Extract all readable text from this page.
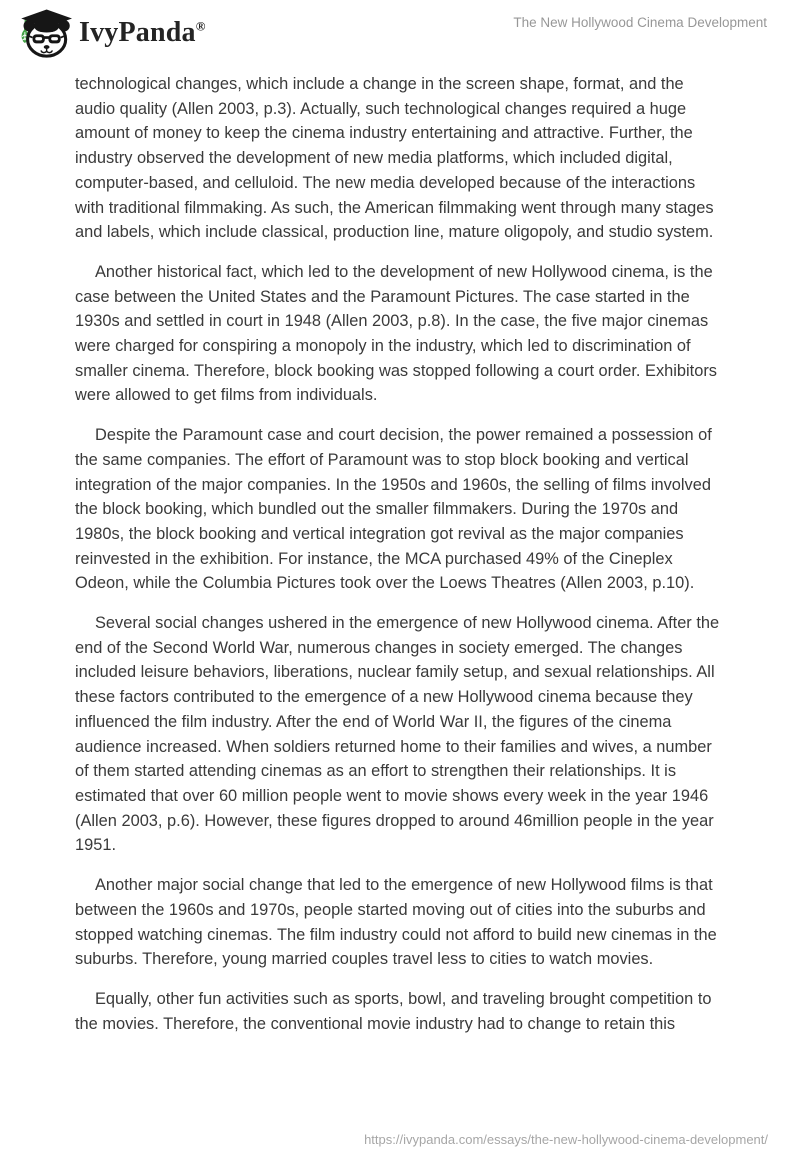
IvyPanda®	The New Hollywood Cinema Development

technological changes, which include a change in the screen shape, format, and the audio quality (Allen 2003, p.3). Actually, such technological changes required a huge amount of money to keep the cinema industry entertaining and attractive. Further, the industry observed the development of new media platforms, which included digital, computer-based, and celluloid. The new media developed because of the interactions with traditional filmmaking. As such, the American filmmaking went through many stages and labels, which include classical, production line, mature oligopoly, and studio system.

Another historical fact, which led to the development of new Hollywood cinema, is the case between the United States and the Paramount Pictures. The case started in the 1930s and settled in court in 1948 (Allen 2003, p.8). In the case, the five major cinemas were charged for conspiring a monopoly in the industry, which led to discrimination of smaller cinema. Therefore, block booking was stopped following a court order. Exhibitors were allowed to get films from individuals.

Despite the Paramount case and court decision, the power remained a possession of the same companies. The effort of Paramount was to stop block booking and vertical integration of the major companies. In the 1950s and 1960s, the selling of films involved the block booking, which bundled out the smaller filmmakers. During the 1970s and 1980s, the block booking and vertical integration got revival as the major companies reinvested in the exhibition. For instance, the MCA purchased 49% of the Cineplex Odeon, while the Columbia Pictures took over the Loews Theatres (Allen 2003, p.10).

Several social changes ushered in the emergence of new Hollywood cinema. After the end of the Second World War, numerous changes in society emerged. The changes included leisure behaviors, liberations, nuclear family setup, and sexual relationships. All these factors contributed to the emergence of a new Hollywood cinema because they influenced the film industry. After the end of World War II, the figures of the cinema audience increased. When soldiers returned home to their families and wives, a number of them started attending cinemas as an effort to strengthen their relationships. It is estimated that over 60 million people went to movie shows every week in the year 1946 (Allen 2003, p.6). However, these figures dropped to around 46million people in the year 1951.

Another major social change that led to the emergence of new Hollywood films is that between the 1960s and 1970s, people started moving out of cities into the suburbs and stopped watching cinemas. The film industry could not afford to build new cinemas in the suburbs. Therefore, young married couples travel less to cities to watch movies.

Equally, other fun activities such as sports, bowl, and traveling brought competition to the movies. Therefore, the conventional movie industry had to change to retain this

https://ivypanda.com/essays/the-new-hollywood-cinema-development/
